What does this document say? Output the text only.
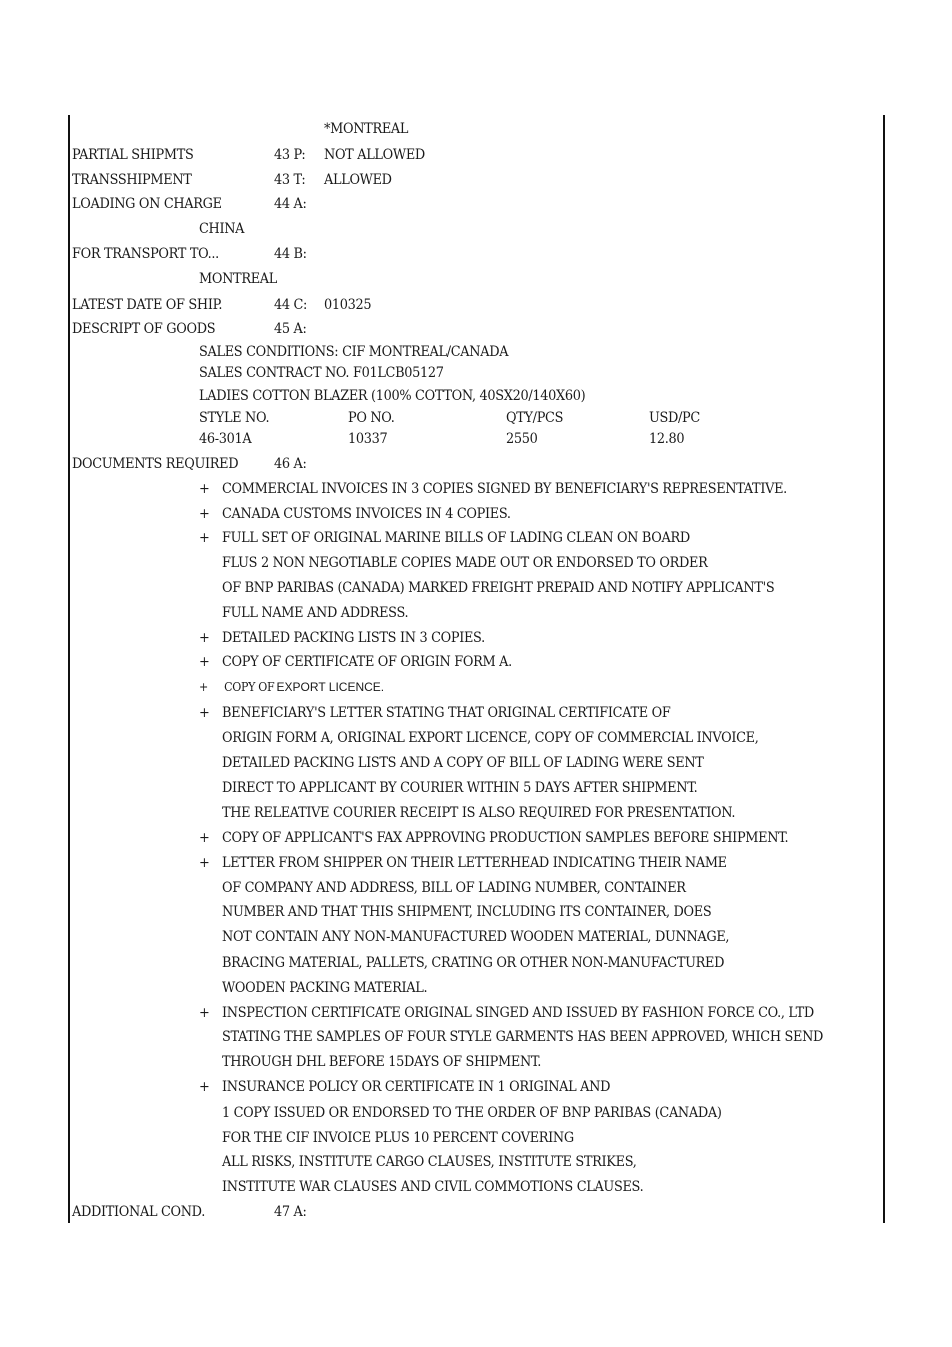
*MONTREAL
PARTIAL SHIPMTS	43 P: NOT ALLOWED
TRANSSHIPMENT	43 T: ALLOWED
LOADING ON CHARGE	44 A:
CHINA
FOR TRANSPORT TO...	44 B:
MONTREAL
LATEST DATE OF SHIP.	44 C: 010325
DESCRIPT OF GOODS	45 A:
SALES CONDITIONS: CIF MONTREAL/CANADA
SALES CONTRACT NO. F01LCB05127
LADIES COTTON BLAZER (100% COTTON, 40SX20/140X60)
STYLE NO.	PO NO.	QTY/PCS	USD/PC
46-301A	10337	2550	12.80
DOCUMENTS REQUIRED	46 A:
+ COMMERCIAL INVOICES IN 3 COPIES SIGNED BY BENEFICIARY'S REPRESENTATIVE.
+ CANADA CUSTOMS INVOICES IN 4 COPIES.
+ FULL SET OF ORIGINAL MARINE BILLS OF LADING CLEAN ON BOARD
FLUS 2 NON NEGOTIABLE COPIES MADE OUT OR ENDORSED TO ORDER
OF BNP PARIBAS (CANADA) MARKED FREIGHT PREPAID AND NOTIFY APPLICANT'S
FULL NAME AND ADDRESS.
+ DETAILED PACKING LISTS IN 3 COPIES.
+ COPY OF CERTIFICATE OF ORIGIN FORM A.
+ COPY OFEXPORT LICENCE.
+ BENEFICIARY'S LETTER STATING THAT ORIGINAL CERTIFICATE OF
ORIGIN FORM A, ORIGINAL EXPORT LICENCE, COPY OF COMMERCIAL INVOICE,
DETAILED PACKING LISTS AND A COPY OF BILL OF LADING WERE SENT
DIRECT TO APPLICANT BY COURIER WITHIN 5 DAYS AFTER SHIPMENT.
THE RELEATIVE COURIER RECEIPT IS ALSO REQUIRED FOR PRESENTATION.
+ COPY OF APPLICANT'S FAX APPROVING PRODUCTION SAMPLES BEFORE SHIPMENT.
+ LETTER FROM SHIPPER ON THEIR LETTERHEAD INDICATING THEIR NAME
OF COMPANY AND ADDRESS, BILL OF LADING NUMBER, CONTAINER
NUMBER AND THAT THIS SHIPMENT, INCLUDING ITS CONTAINER, DOES
NOT CONTAIN ANY NON-MANUFACTURED WOODEN MATERIAL, DUNNAGE,
BRACING MATERIAL, PALLETS, CRATING OR OTHER NON-MANUFACTURED
WOODEN PACKING MATERIAL.
+ INSPECTION CERTIFICATE ORIGINAL SINGED AND ISSUED BY FASHION FORCE CO., LTD
STATING THE SAMPLES OF FOUR STYLE GARMENTS HAS BEEN APPROVED, WHICH SEND
THROUGH DHL BEFORE 15DAYS OF SHIPMENT.
+ INSURANCE POLICY OR CERTIFICATE IN 1 ORIGINAL AND
1 COPY ISSUED OR ENDORSED TO THE ORDER OF BNP PARIBAS (CANADA)
FOR THE CIF INVOICE PLUS 10 PERCENT COVERING
ALL RISKS, INSTITUTE CARGO CLAUSES, INSTITUTE STRIKES,
INSTITUTE WAR CLAUSES AND CIVIL COMMOTIONS CLAUSES.
ADDITIONAL COND.	47 A:
